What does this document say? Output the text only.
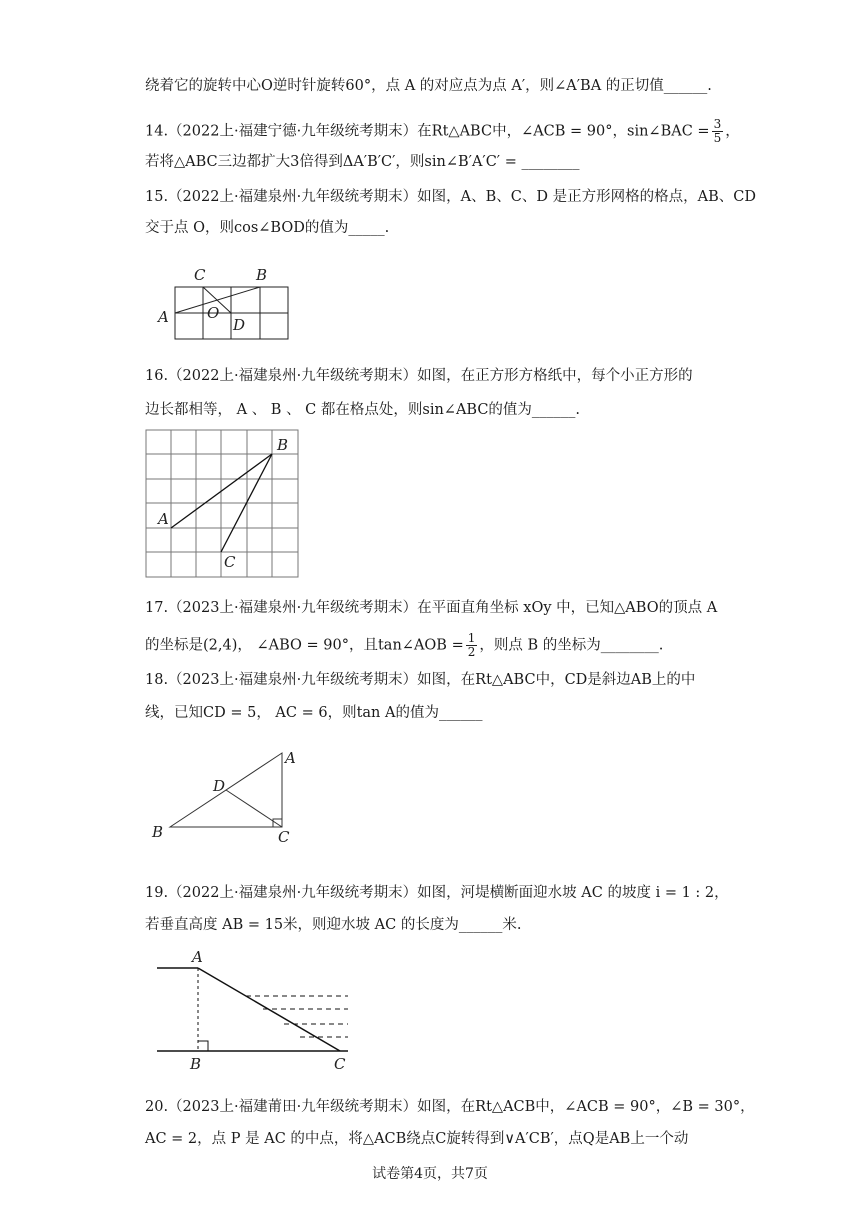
绕着它的旋转中心O逆时针旋转60°，点 A 的对应点为点 A′，则∠A′BA 的正切值______.
14.（2022上·福建宁德·九年级统考期末）在Rt△ABC中，∠ACB = 90°，sin∠BAC = $\frac{3}{5}$ ，
若将△ABC三边都扩大3倍得到ΔA′B′C′，则sin∠B′A′C′ = ________
15.（2022上·福建泉州·九年级统考期末）如图，A、B、C、D 是正方形网格的格点，AB、CD
交于点 O，则cos∠BOD的值为_____.
A
C	B
O
D
16.（2022上·福建泉州·九年级统考期末）如图，在正方形方格纸中，每个小正方形的
边长都相等， A 、 B 、 C 都在格点处，则sin∠ABC的值为______.
A
B
C
17.（2023上·福建泉州·九年级统考期末）在平面直角坐标 xOy 中，已知△ABO的顶点 A
的坐标是(2,4)， ∠ABO = 90°，且tan∠AOB = $\frac{1}{2}$ ，则点 B 的坐标为________.
18.（2023上·福建泉州·九年级统考期末）如图，在Rt△ABC中，CD是斜边AB上的中
线，已知CD = 5， AC = 6，则tan A的值为______
A
B	C
D
19.（2022上·福建泉州·九年级统考期末）如图，河堤横断面迎水坡 AC 的坡度 i = 1 : 2，
若垂直高度 AB = 15米，则迎水坡 AC 的长度为______米.
A
B	C
20.（2023上·福建莆田·九年级统考期末）如图，在Rt△ACB中，∠ACB = 90°，∠B = 30°，
AC = 2，点 P 是 AC 的中点，将△ACB绕点C旋转得到∨A′CB′，点Q是AB上一个动
试卷第4页，共7页
